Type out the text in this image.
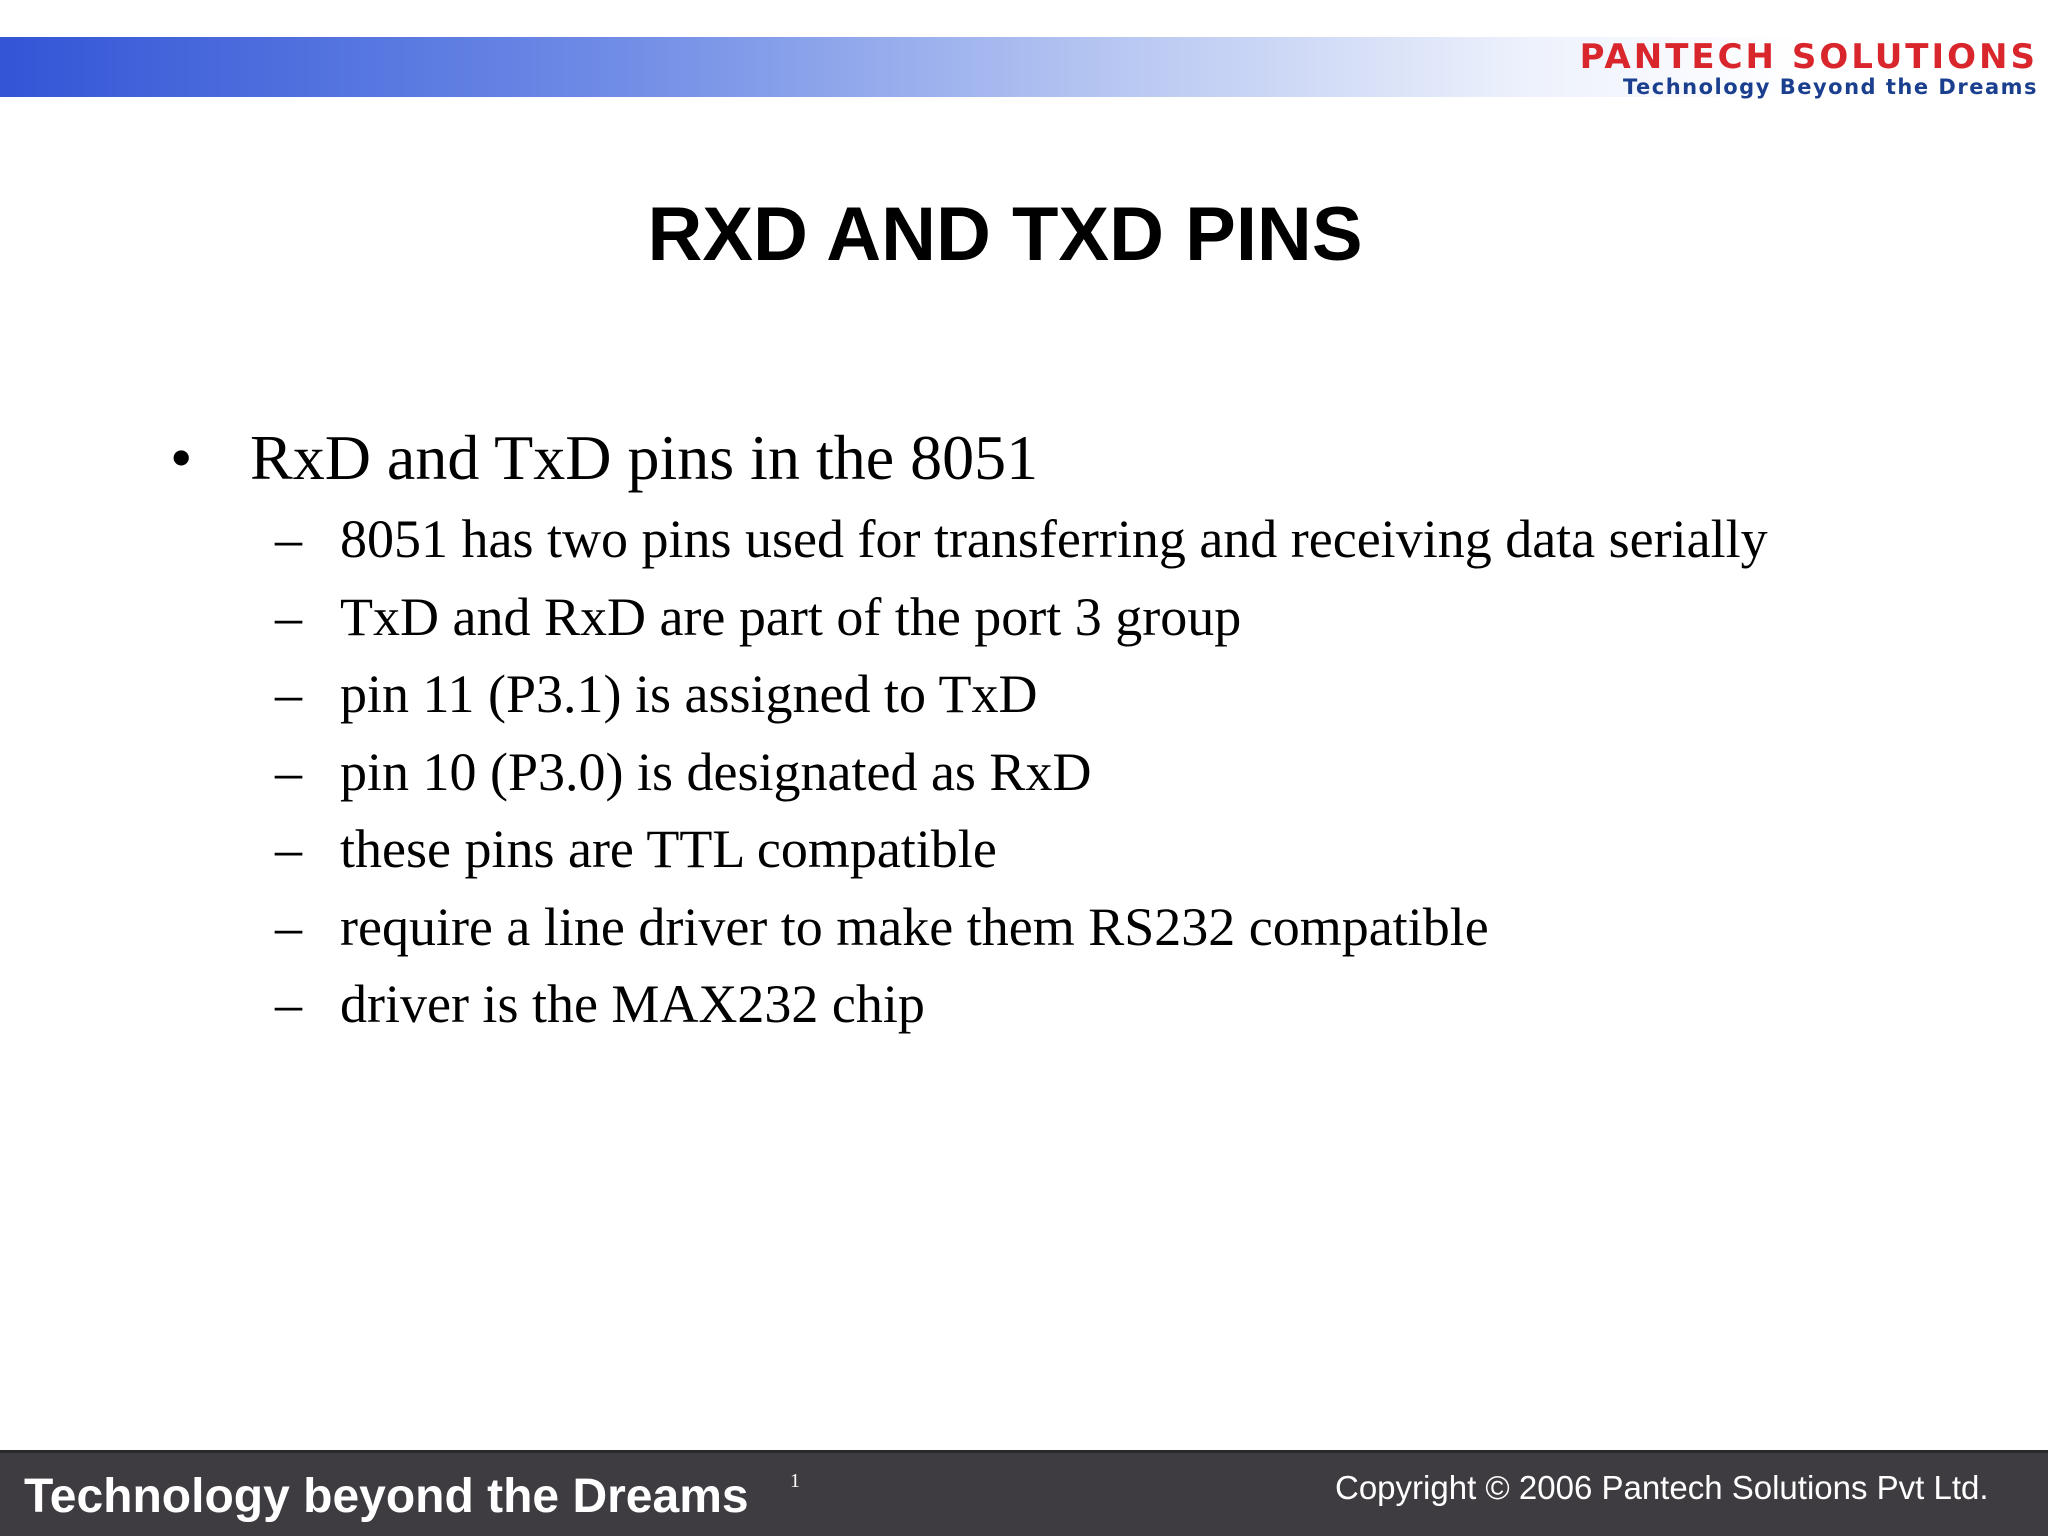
PANTECH SOLUTIONS
Technology Beyond the Dreams
RXD AND TXD PINS
• RxD and TxD pins in the 8051
– 8051 has two pins used for transferring and receiving data serially
– TxD and RxD are part of the port 3 group
– pin 11 (P3.1) is assigned to TxD
– pin 10 (P3.0) is designated as RxD
– these pins are TTL compatible
– require a line driver to make them RS232 compatible
– driver is the MAX232 chip
Technology beyond the Dreams 1	Copyright © 2006 Pantech Solutions Pvt Ltd.
